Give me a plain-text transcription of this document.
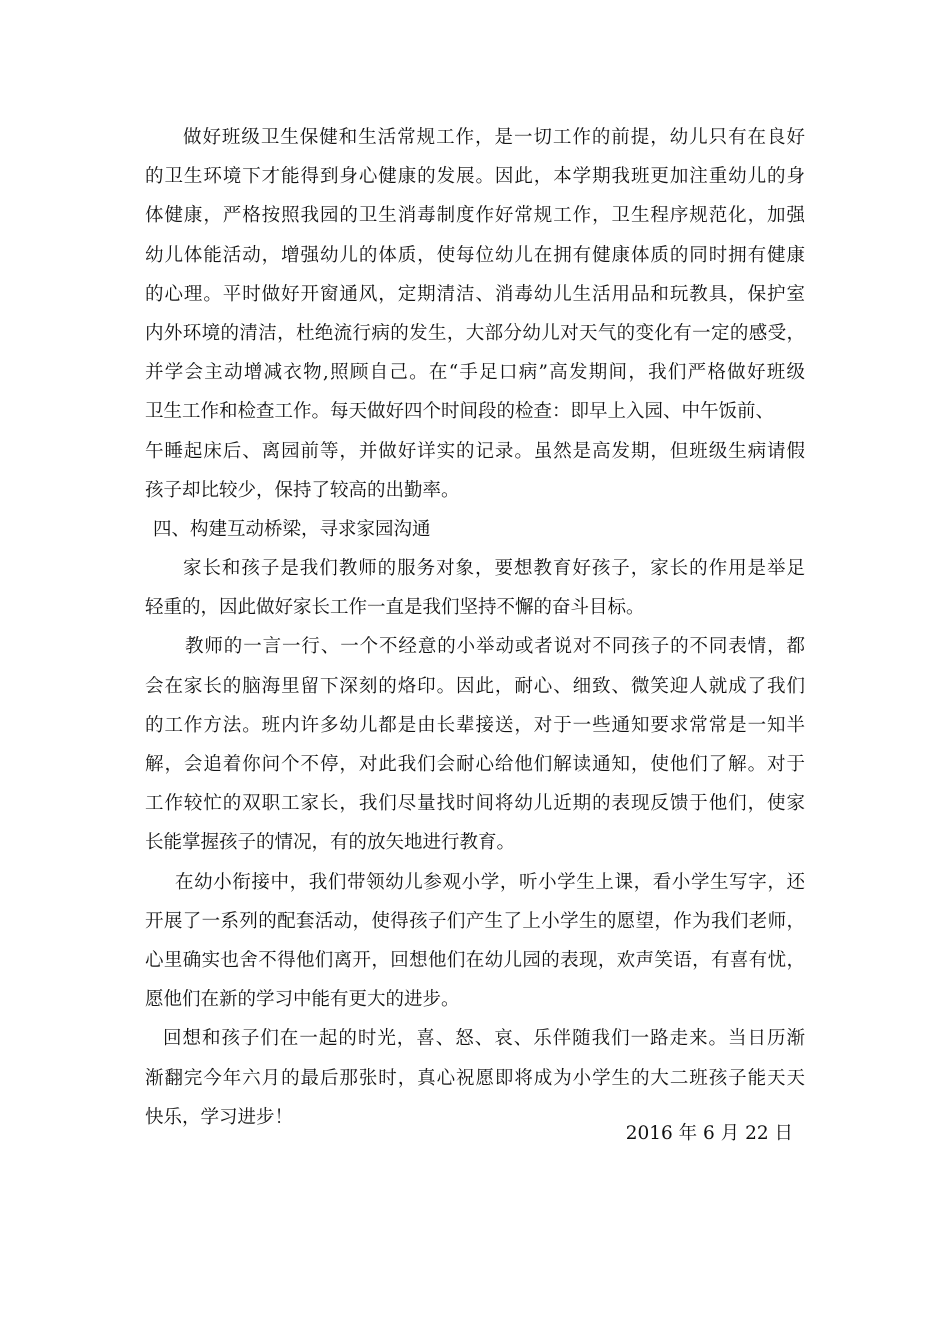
做好班级卫生保健和生活常规工作，是一切工作的前提，幼儿只有在良好
的卫生环境下才能得到身心健康的发展。因此，本学期我班更加注重幼儿的身
体健康，严格按照我园的卫生消毒制度作好常规工作，卫生程序规范化，加强
幼儿体能活动，增强幼儿的体质，使每位幼儿在拥有健康体质的同时拥有健康
的心理。平时做好开窗通风，定期清洁、消毒幼儿生活用品和玩教具，保护室
内外环境的清洁，杜绝流行病的发生，大部分幼儿对天气的变化有一定的感受，
并学会主动增减衣物,照顾自己。在“手足口病”高发期间，我们严格做好班级
卫生工作和检查工作。每天做好四个时间段的检查：即早上入园、中午饭前、
午睡起床后、离园前等，并做好详实的记录。虽然是高发期，但班级生病请假
孩子却比较少，保持了较高的出勤率。
四、构建互动桥梁，寻求家园沟通
家长和孩子是我们教师的服务对象，要想教育好孩子，家长的作用是举足
轻重的，因此做好家长工作一直是我们坚持不懈的奋斗目标。
教师的一言一行、一个不经意的小举动或者说对不同孩子的不同表情，都
会在家长的脑海里留下深刻的烙印。因此，耐心、细致、微笑迎人就成了我们
的工作方法。班内许多幼儿都是由长辈接送，对于一些通知要求常常是一知半
解，会追着你问个不停，对此我们会耐心给他们解读通知，使他们了解。对于
工作较忙的双职工家长，我们尽量找时间将幼儿近期的表现反馈于他们，使家
长能掌握孩子的情况，有的放矢地进行教育。
在幼小衔接中，我们带领幼儿参观小学，听小学生上课，看小学生写字，还
开展了一系列的配套活动，使得孩子们产生了上小学生的愿望，作为我们老师，
心里确实也舍不得他们离开，回想他们在幼儿园的表现，欢声笑语，有喜有忧，
愿他们在新的学习中能有更大的进步。
回想和孩子们在一起的时光，喜、怒、哀、乐伴随我们一路走来。当日历渐
渐翻完今年六月的最后那张时，真心祝愿即将成为小学生的大二班孩子能天天
快乐，学习进步！
2016 年 6 月 22 日
